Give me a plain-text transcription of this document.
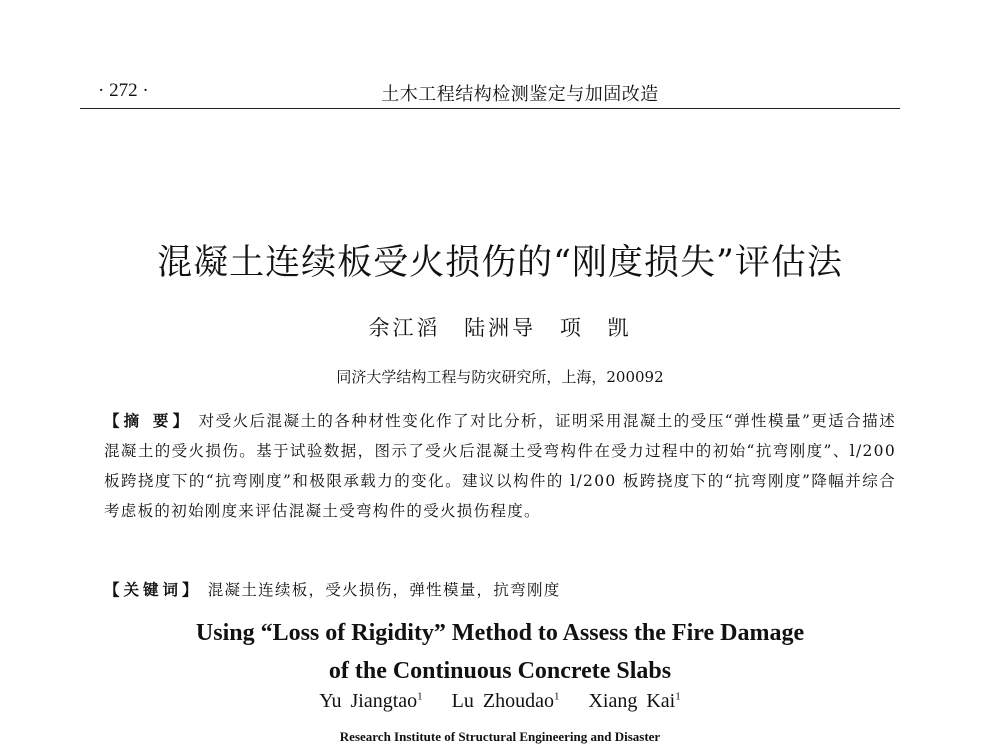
· 272 ·	土木工程结构检测鉴定与加固改造
混凝土连续板受火损伤的“刚度损失”评估法
余江滔 陆洲导 项 凯
同济大学结构工程与防灾研究所，上海，200092
【摘 要】 对受火后混凝土的各种材性变化作了对比分析，证明采用混凝土的受压“弹性模量”更适合描述混凝土的受火损伤。基于试验数据，图示了受火后混凝土受弯构件在受力过程中的初始“抗弯刚度”、l/200 板跨挠度下的“抗弯刚度”和极限承载力的变化。建议以构件的 l/200 板跨挠度下的“抗弯刚度”降幅并综合考虑板的初始刚度来评估混凝土受弯构件的受火损伤程度。
【关键词】 混凝土连续板，受火损伤，弹性模量，抗弯刚度
Using “Loss of Rigidity” Method to Assess the Fire Damage
of the Continuous Concrete Slabs
Yu Jiangtao$^1$ Lu Zhoudao$^1$ Xiang Kai$^1$
Research Institute of Structural Engineering and Disaster
